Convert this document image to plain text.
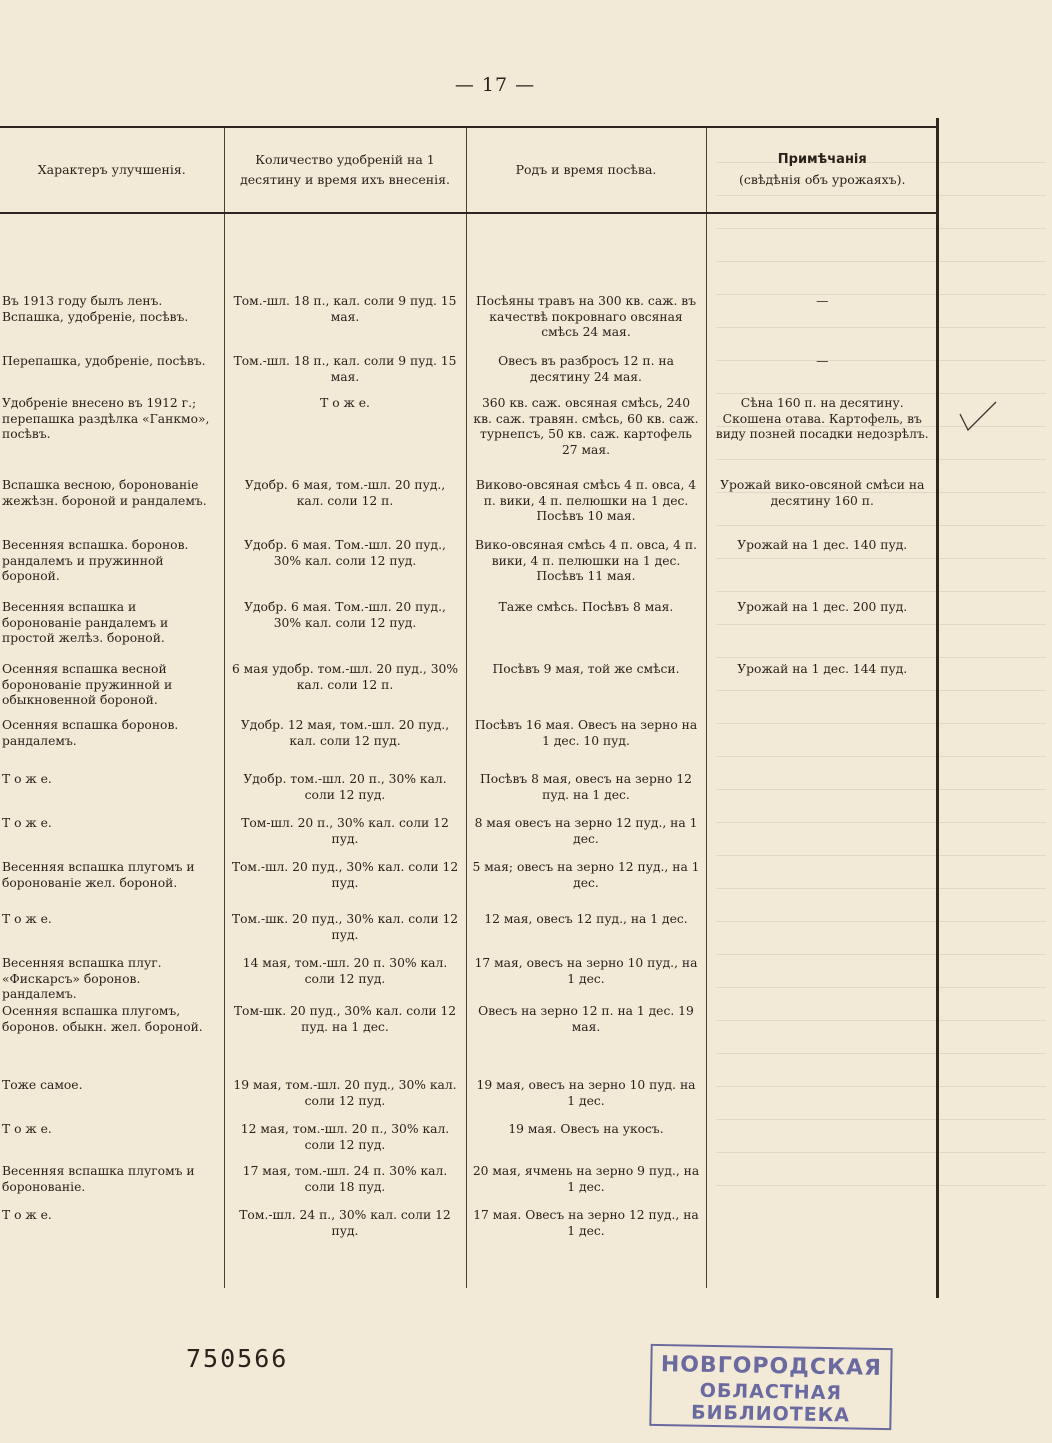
— 17 —
Характеръ улучшенія.	Количество удобреній на 1 десятину и время ихъ внесенія.	Родъ и время посѣва.	Примѣчанія
(свѣдѣнія объ урожаяхъ).

Въ 1913 году былъ ленъ. Вспашка, удобреніе, посѣвъ.	Том.-шл. 18 п., кал. соли 9 пуд. 15 мая.	Посѣяны травъ на 300 кв. саж. въ качествѣ покровнаго овсяная смѣсь 24 мая.	—
Перепашка, удобреніе, посѣвъ.	Том.-шл. 18 п., кал. соли 9 пуд. 15 мая.	Овесъ въ разбросъ 12 п. на десятину 24 мая.	—
Удобреніе внесено въ 1912 г.; перепашка раздѣлка «Ганкмо», посѣвъ.	Т о ж е.	360 кв. саж. овсяная смѣсь, 240 кв. саж. травян. смѣсь, 60 кв. саж. турнепсъ, 50 кв. саж. картофель 27 мая.	Сѣна 160 п. на десятину. Скошена отава. Картофель, въ виду позней посадки недозрѣлъ.
Вспашка весною, боронованіе жежѣзн. бороной и рандалемъ.	Удобр. 6 мая, том.-шл. 20 пуд., кал. соли 12 п.	Виково-овсяная смѣсь 4 п. овса, 4 п. вики, 4 п. пелюшки на 1 дес. Посѣвъ 10 мая.	Урожай вико-овсяной смѣси на десятину 160 п.
Весенняя вспашка. боронов. рандалемъ и пружинной бороной.	Удобр. 6 мая. Том.-шл. 20 пуд., 30% кал. соли 12 пуд.	Вико-овсяная смѣсь 4 п. овса, 4 п. вики, 4 п. пелюшки на 1 дес. Посѣвъ 11 мая.	Урожай на 1 дес. 140 пуд.
Весенняя вспашка и боронованіе рандалемъ и простой желѣз. бороной.	Удобр. 6 мая. Том.-шл. 20 пуд., 30% кал. соли 12 пуд.	Таже смѣсь. Посѣвъ 8 мая.	Урожай на 1 дес. 200 пуд.
Осенняя вспашка весной боронованіе пружинной и обыкновенной бороной.	6 мая удобр. том.-шл. 20 пуд., 30% кал. соли 12 п.	Посѣвъ 9 мая, той же смѣси.	Урожай на 1 дес. 144 пуд.
Осенняя вспашка боронов. рандалемъ.	Удобр. 12 мая, том.-шл. 20 пуд., кал. соли 12 пуд.	Посѣвъ 16 мая. Овесъ на зерно на 1 дес. 10 пуд.	
Т о ж е.	Удобр. том.-шл. 20 п., 30% кал. соли 12 пуд.	Посѣвъ 8 мая, овесъ на зерно 12 пуд. на 1 дес.	
Т о ж е.	Том-шл. 20 п., 30% кал. соли 12 пуд.	8 мая овесъ на зерно 12 пуд., на 1 дес.	
Весенняя вспашка плугомъ и боронованіе жел. бороной.	Том.-шл. 20 пуд., 30% кал. соли 12 пуд.	5 мая; овесъ на зерно 12 пуд., на 1 дес.	
Т о ж е.	Том.-шк. 20 пуд., 30% кал. соли 12 пуд.	12 мая, овесъ 12 пуд., на 1 дес.	
Весенняя вспашка плуг. «Фискарсъ» боронов. рандалемъ.	14 мая, том.-шл. 20 п. 30% кал. соли 12 пуд.	17 мая, овесъ на зерно 10 пуд., на 1 дес.	
Осенняя вспашка плугомъ, боронов. обыкн. жел. бороной.	Том-шк. 20 пуд., 30% кал. соли 12 пуд. на 1 дес.	Овесъ на зерно 12 п. на 1 дес. 19 мая.	
Тоже самое.	19 мая, том.-шл. 20 пуд., 30% кал. соли 12 пуд.	19 мая, овесъ на зерно 10 пуд. на 1 дес.	
Т о ж е.	12 мая, том.-шл. 20 п., 30% кал. соли 12 пуд.	19 мая. Овесъ на укосъ.	
Весенняя вспашка плугомъ и боронованіе.	17 мая, том.-шл. 24 п. 30% кал. соли 18 пуд.	20 мая, ячмень на зерно 9 пуд., на 1 дес.	
Т о ж е.	Том.-шл. 24 п., 30% кал. соли 12 пуд.	17 мая. Овесъ на зерно 12 пуд., на 1 дес.	

750566	НОВГОРОДСКАЯ
ОБЛАСТНАЯ БИБЛИОТЕКА
